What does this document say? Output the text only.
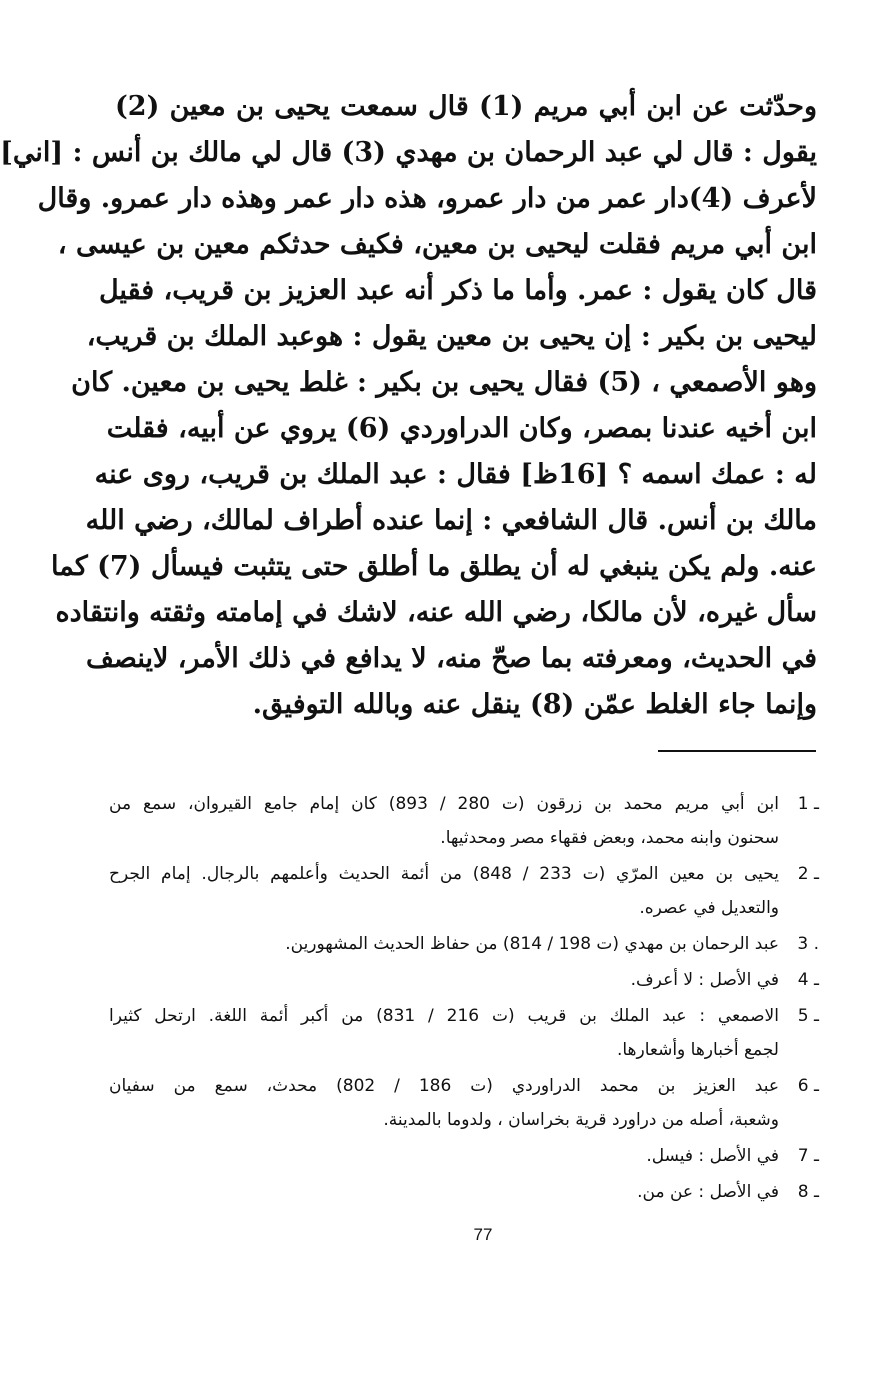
وحدّثت عن ابن أبي مريم (1) قال سمعت يحيى بن معين (2)
يقول : قال لي عبد الرحمان بن مهدي (3) قال لي مالك بن أنس : [اني]
لأعرف (4)دار عمر من دار عمرو، هذه دار عمر وهذه دار عمرو. وقال
ابن أبي مريم فقلت ليحيى بن معين، فكيف حدثكم معين بن عيسى ،
قال كان يقول : عمر. وأما ما ذكر أنه عبد العزيز بن قريب، فقيل
ليحيى بن بكير : إن يحيى بن معين يقول : هوعبد الملك بن قريب،
وهو الأصمعي ، (5) فقال يحيى بن بكير : غلط يحيى بن معين. كان
ابن أخيه عندنا بمصر، وكان الدراوردي (6) يروي عن أبيه، فقلت
له : عمك اسمه ؟ [16ظ] فقال : عبد الملك بن قريب، روى عنه
مالك بن أنس. قال الشافعي : إنما عنده أطراف لمالك، رضي الله
عنه. ولم يكن ينبغي له أن يطلق ما أطلق حتى يتثبت فيسأل (7) كما
سأل غيره، لأن مالكا، رضي الله عنه، لاشك في إمامته وثقته وانتقاده
في الحديث، ومعرفته بما صحّ منه، لا يدافع في ذلك الأمر، لاينصف
وإنما جاء الغلط عمّن (8) ينقل عنه وبالله التوفيق.
1 ـ
ابن أبي مريم محمد بن زرقون (ت 280 / 893) كان إمام جامع القيروان، سمع من
سحنون وابنه محمد، وبعض فقهاء مصر ومحدثيها.
2 ـ
يحيى بن معين المرّي (ت 233 / 848) من أئمة الحديث وأعلمهم بالرجال. إمام الجرح
والتعديل في عصره.
3 .
عبد الرحمان بن مهدي (ت 198 / 814) من حفاظ الحديث المشهورين.
4 ـ
في الأصل : لا أعرف.
5 ـ
الاصمعي : عبد الملك بن قريب (ت 216 / 831) من أكبر أئمة اللغة. ارتحل كثيرا
لجمع أخبارها وأشعارها.
6 ـ
عبد العزيز بن محمد الدراوردي (ت 186 / 802) محدث، سمع من سفيان
وشعبة، أصله من دراورد قرية بخراسان ، ولدوما بالمدينة.
7 ـ
في الأصل : فيسل.
8 ـ
في الأصل : عن من.
77
